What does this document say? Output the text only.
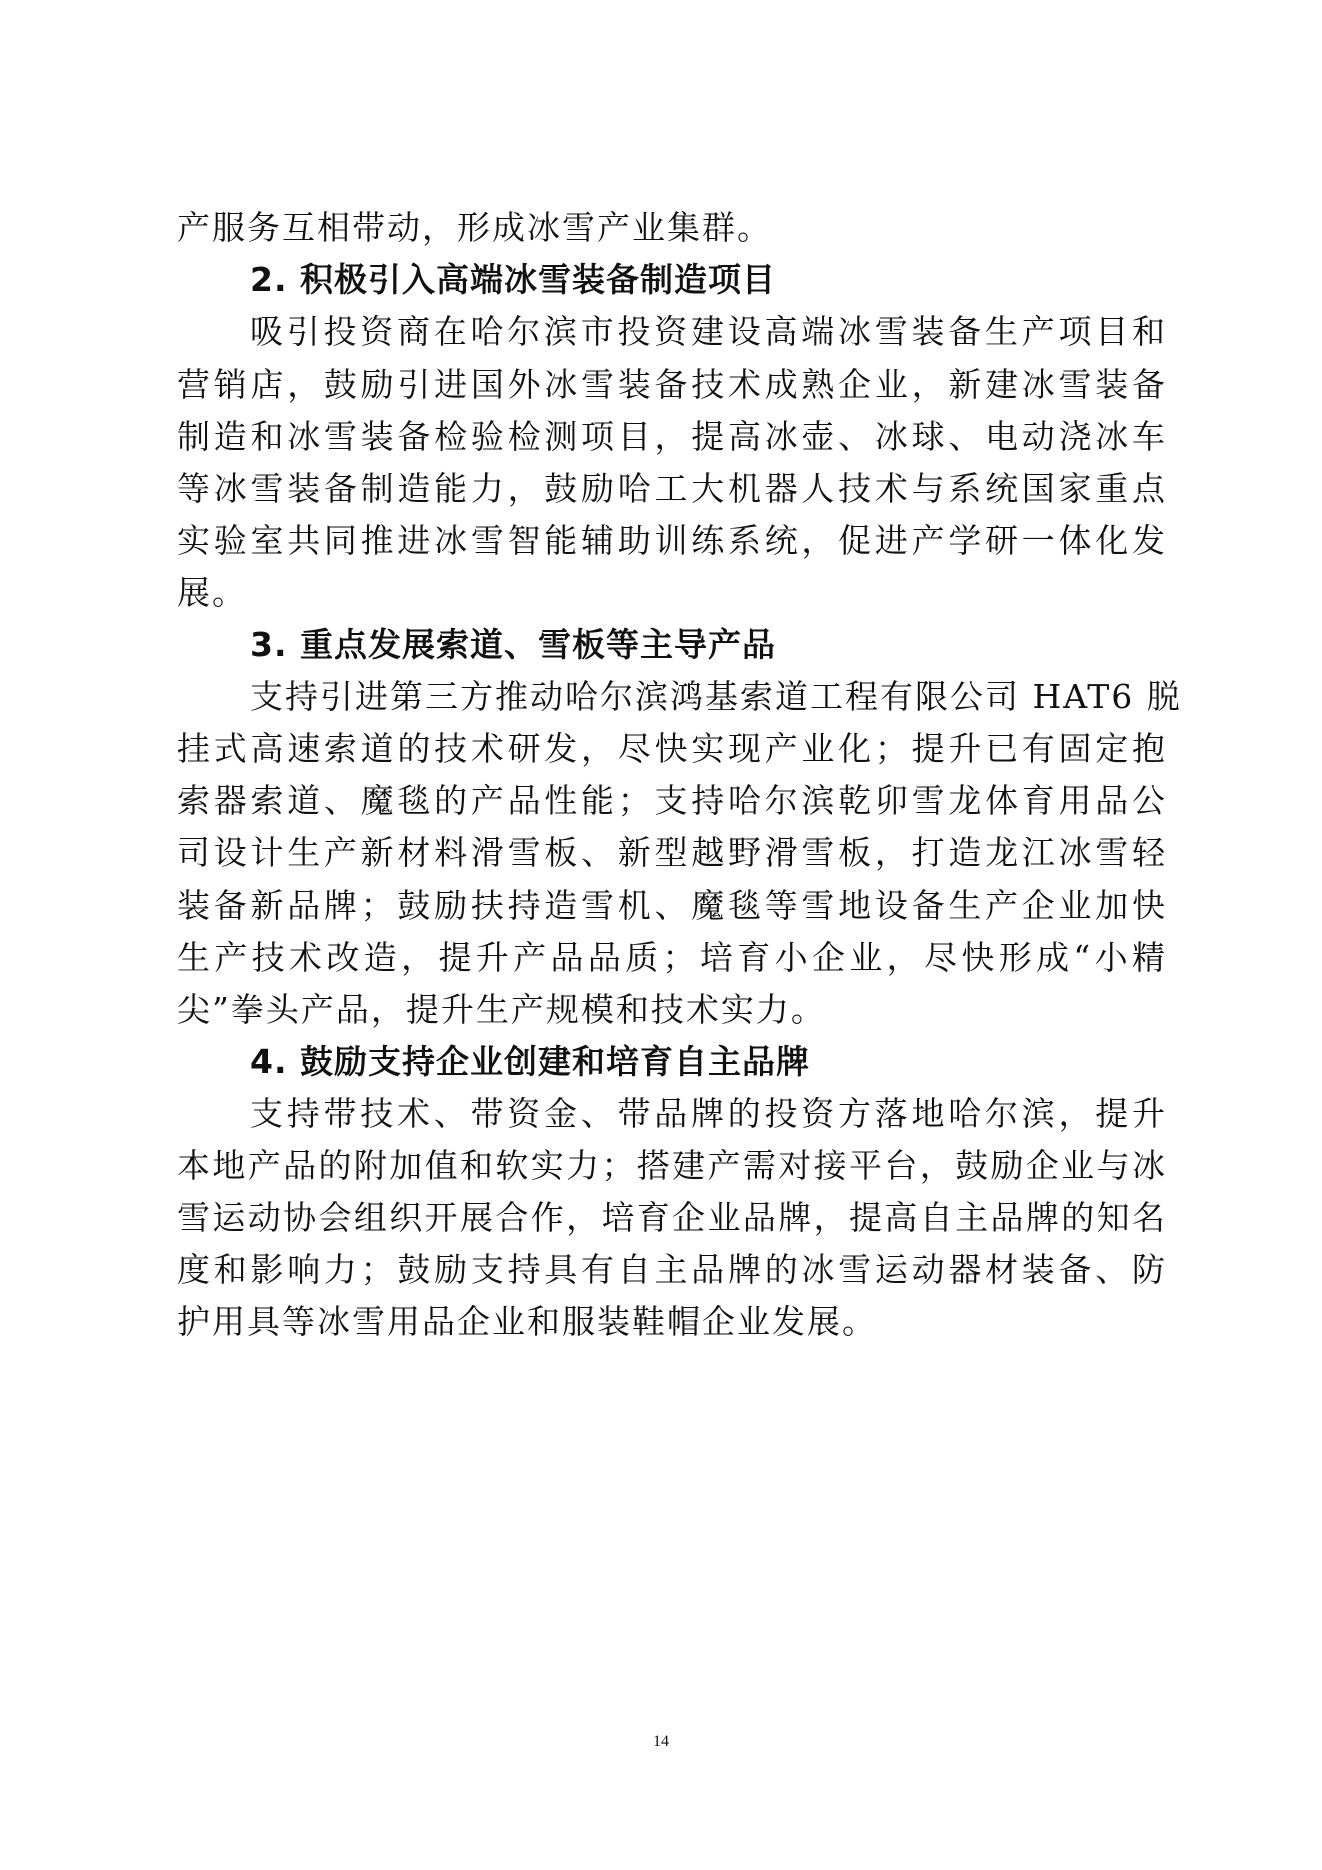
产服务互相带动，形成冰雪产业集群。
2. 积极引入高端冰雪装备制造项目
吸引投资商在哈尔滨市投资建设高端冰雪装备生产项目和
营销店，鼓励引进国外冰雪装备技术成熟企业，新建冰雪装备
制造和冰雪装备检验检测项目，提高冰壶、冰球、电动浇冰车
等冰雪装备制造能力，鼓励哈工大机器人技术与系统国家重点
实验室共同推进冰雪智能辅助训练系统，促进产学研一体化发
展。
3. 重点发展索道、雪板等主导产品
支持引进第三方推动哈尔滨鸿基索道工程有限公司 HAT6 脱
挂式高速索道的技术研发，尽快实现产业化；提升已有固定抱
索器索道、魔毯的产品性能；支持哈尔滨乾卯雪龙体育用品公
司设计生产新材料滑雪板、新型越野滑雪板，打造龙江冰雪轻
装备新品牌；鼓励扶持造雪机、魔毯等雪地设备生产企业加快
生产技术改造，提升产品品质；培育小企业，尽快形成“小精
尖”拳头产品，提升生产规模和技术实力。
4. 鼓励支持企业创建和培育自主品牌
支持带技术、带资金、带品牌的投资方落地哈尔滨，提升
本地产品的附加值和软实力；搭建产需对接平台，鼓励企业与冰
雪运动协会组织开展合作，培育企业品牌，提高自主品牌的知名
度和影响力；鼓励支持具有自主品牌的冰雪运动器材装备、防
护用具等冰雪用品企业和服装鞋帽企业发展。
14
